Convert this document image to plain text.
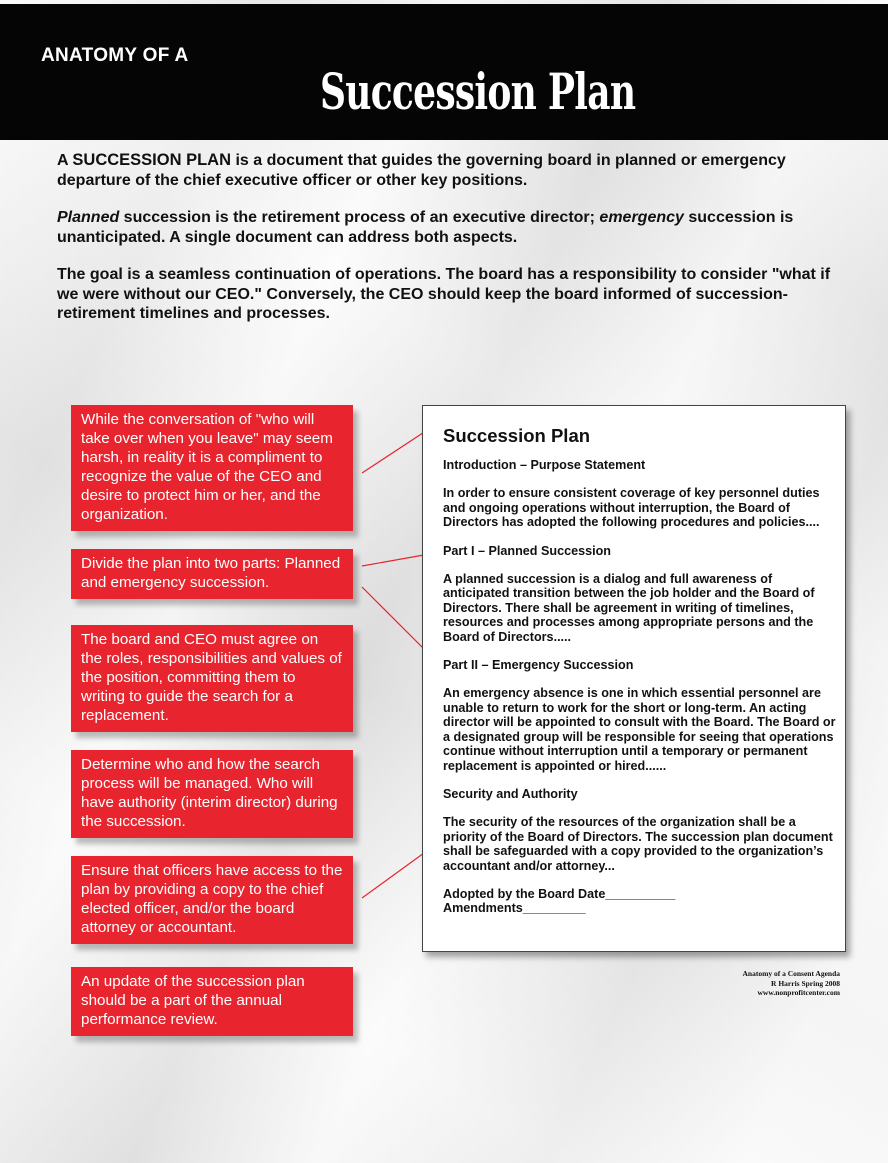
ANATOMY OF A
Succession Plan

A SUCCESSION PLAN is a document that guides the governing board in planned or emergency departure of the chief executive officer or other key positions.

Planned succession is the retirement process of an executive director; emergency succession is unanticipated. A single document can address both aspects.

The goal is a seamless continuation of operations. The board has a responsibility to consider "what if we were without our CEO." Conversely, the CEO should keep the board informed of succession-retirement timelines and processes.

While the conversation of "who will take over when you leave" may seem harsh, in reality it is a compliment to recognize the value of the CEO and desire to protect him or her, and the organization.
Divide the plan into two parts: Planned and emergency succession.
The board and CEO must agree on the roles, responsibilities and values of the position, committing them to writing to guide the search for a replacement.
Determine who and how the search process will be managed. Who will have authority (interim director) during the succession.
Ensure that officers have access to the plan by providing a copy to the chief elected officer, and/or the board attorney or accountant.
An update of the succession plan should be a part of the annual performance review.
Succession Plan
Introduction – Purpose Statement
In order to ensure consistent coverage of key personnel duties and ongoing operations without interruption, the Board of Directors has adopted the following procedures and policies....
Part I – Planned Succession
A planned succession is a dialog and full awareness of anticipated transition between the job holder and the Board of Directors. There shall be agreement in writing of timelines, resources and processes among appropriate persons and the Board of Directors.....
Part II – Emergency Succession
An emergency absence is one in which essential personnel are unable to return to work for the short or long-term. An acting director will be appointed to consult with the Board. The Board or a designated group will be responsible for seeing that operations continue without interruption until a temporary or permanent replacement is appointed or hired......
Security and Authority
The security of the resources of the organization shall be a priority of the Board of Directors. The succession plan document shall be safeguarded with a copy provided to the organization’s accountant and/or attorney...
Adopted by the Board Date__________
Amendments_________
Anatomy of a Consent Agenda
R Harris Spring 2008
www.nonprofitcenter.com
